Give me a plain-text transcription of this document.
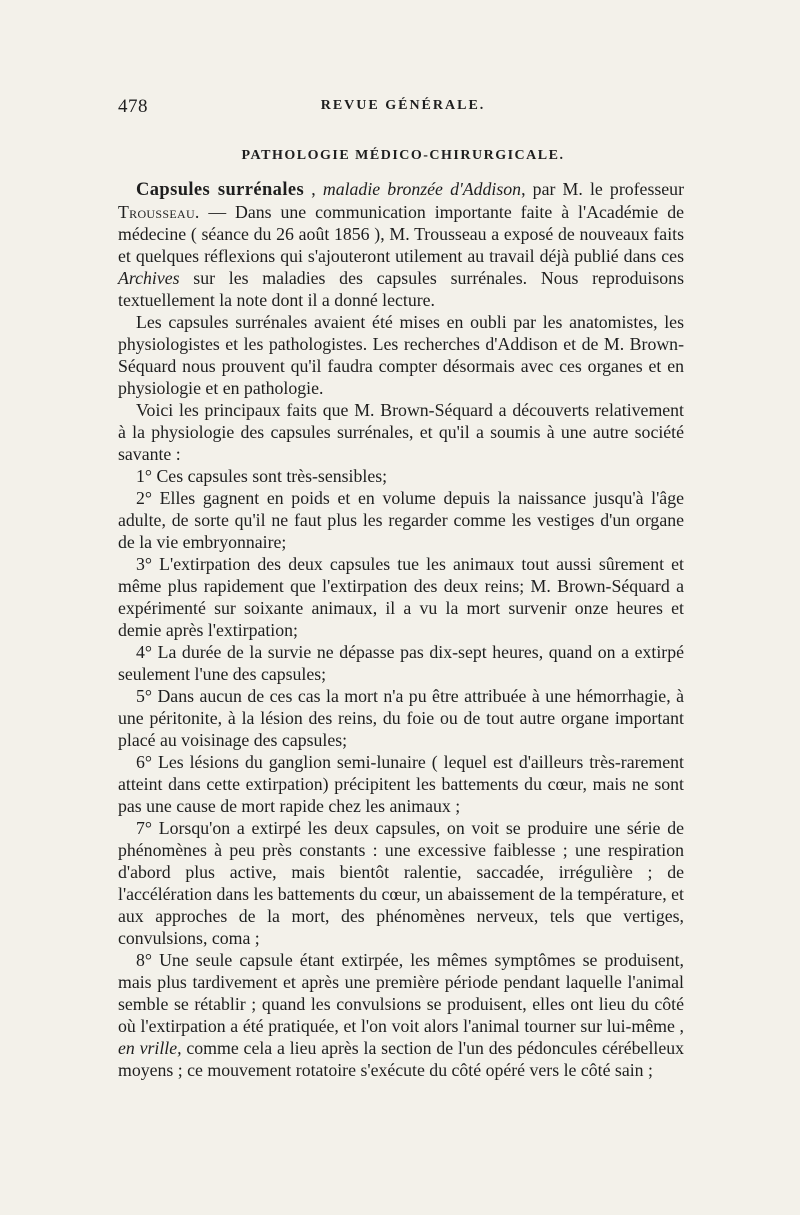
478	REVUE GÉNÉRALE.
PATHOLOGIE MÉDICO-CHIRURGICALE.

Capsules surrénales , maladie bronzée d'Addison, par M. le professeur Trousseau. — Dans une communication importante faite à l'Académie de médecine ( séance du 26 août 1856 ), M. Trousseau a exposé de nouveaux faits et quelques réflexions qui s'ajouteront utilement au travail déjà publié dans ces Archives sur les maladies des capsules surrénales. Nous reproduisons textuellement la note dont il a donné lecture.

Les capsules surrénales avaient été mises en oubli par les anatomistes, les physiologistes et les pathologistes. Les recherches d'Addison et de M. Brown-Séquard nous prouvent qu'il faudra compter désormais avec ces organes et en physiologie et en pathologie.

Voici les principaux faits que M. Brown-Séquard a découverts relativement à la physiologie des capsules surrénales, et qu'il a soumis à une autre société savante :

1° Ces capsules sont très-sensibles;

2° Elles gagnent en poids et en volume depuis la naissance jusqu'à l'âge adulte, de sorte qu'il ne faut plus les regarder comme les vestiges d'un organe de la vie embryonnaire;

3° L'extirpation des deux capsules tue les animaux tout aussi sûrement et même plus rapidement que l'extirpation des deux reins; M. Brown-Séquard a expérimenté sur soixante animaux, il a vu la mort survenir onze heures et demie après l'extirpation;

4° La durée de la survie ne dépasse pas dix-sept heures, quand on a extirpé seulement l'une des capsules;

5° Dans aucun de ces cas la mort n'a pu être attribuée à une hémorrhagie, à une péritonite, à la lésion des reins, du foie ou de tout autre organe important placé au voisinage des capsules;

6° Les lésions du ganglion semi-lunaire ( lequel est d'ailleurs très-rarement atteint dans cette extirpation) précipitent les battements du cœur, mais ne sont pas une cause de mort rapide chez les animaux ;

7° Lorsqu'on a extirpé les deux capsules, on voit se produire une série de phénomènes à peu près constants : une excessive faiblesse ; une respiration d'abord plus active, mais bientôt ralentie, saccadée, irrégulière ; de l'accélération dans les battements du cœur, un abaissement de la température, et aux approches de la mort, des phénomènes nerveux, tels que vertiges, convulsions, coma ;

8° Une seule capsule étant extirpée, les mêmes symptômes se produisent, mais plus tardivement et après une première période pendant laquelle l'animal semble se rétablir ; quand les convulsions se produisent, elles ont lieu du côté où l'extirpation a été pratiquée, et l'on voit alors l'animal tourner sur lui-même , en vrille, comme cela a lieu après la section de l'un des pédoncules cérébelleux moyens ; ce mouvement rotatoire s'exécute du côté opéré vers le côté sain ;
